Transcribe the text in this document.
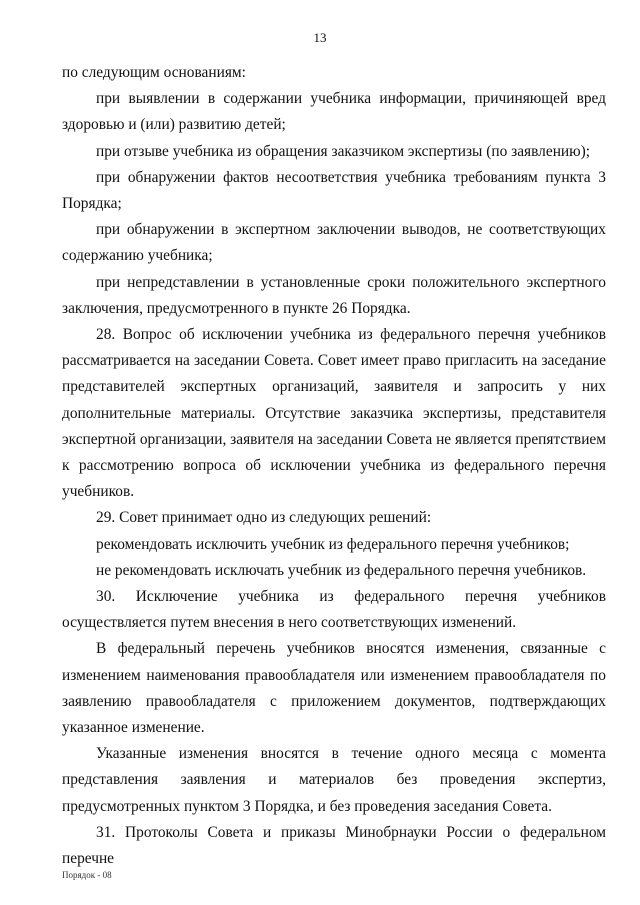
13

по следующим основаниям:

при выявлении в содержании учебника информации, причиняющей вред здоровью и (или) развитию детей;

при отзыве учебника из обращения заказчиком экспертизы (по заявлению);

при обнаружении фактов несоответствия учебника требованиям пункта 3 Порядка;

при обнаружении в экспертном заключении выводов, не соответствующих содержанию учебника;

при непредставлении в установленные сроки положительного экспертного заключения, предусмотренного в пункте 26 Порядка.

28. Вопрос об исключении учебника из федерального перечня учебников рассматривается на заседании Совета. Совет имеет право пригласить на заседание представителей экспертных организаций, заявителя и запросить у них дополнительные материалы. Отсутствие заказчика экспертизы, представителя экспертной организации, заявителя на заседании Совета не является препятствием к рассмотрению вопроса об исключении учебника из федерального перечня учебников.

29. Совет принимает одно из следующих решений:

рекомендовать исключить учебник из федерального перечня учебников;

не рекомендовать исключать учебник из федерального перечня учебников.

30. Исключение учебника из федерального перечня учебников осуществляется путем внесения в него соответствующих изменений.

В федеральный перечень учебников вносятся изменения, связанные с изменением наименования правообладателя или изменением правообладателя по заявлению правообладателя с приложением документов, подтверждающих указанное изменение.

Указанные изменения вносятся в течение одного месяца с момента представления заявления и материалов без проведения экспертиз, предусмотренных пунктом 3 Порядка, и без проведения заседания Совета.

31. Протоколы Совета и приказы Минобрнауки России о федеральном перечне

Порядок - 08
